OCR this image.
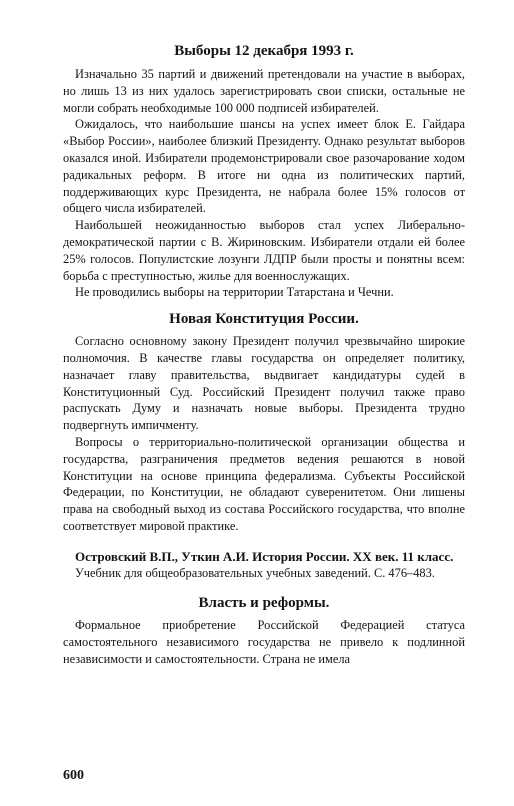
Выборы 12 декабря 1993 г.

Изначально 35 партий и движений претендовали на участие в выборах, но лишь 13 из них удалось зарегистрировать свои списки, остальные не могли собрать необходимые 100 000 подписей избирателей.

Ожидалось, что наибольшие шансы на успех имеет блок Е. Гайдара «Выбор России», наиболее близкий Президенту. Однако результат выборов оказался иной. Избиратели продемонстрировали свое разочарование ходом радикальных реформ. В итоге ни одна из политических партий, поддерживающих курс Президента, не набрала более 15% голосов от общего числа избирателей.

Наибольшей неожиданностью выборов стал успех Либерально-демократической партии с В. Жириновским. Избиратели отдали ей более 25% голосов. Популистские лозунги ЛДПР были просты и понятны всем: борьба с преступностью, жилье для военнослужащих.

Не проводились выборы на территории Татарстана и Чечни.

Новая Конституция России.

Согласно основному закону Президент получил чрезвычайно широкие полномочия. В качестве главы государства он определяет политику, назначает главу правительства, выдвигает кандидатуры судей в Конституционный Суд. Российский Президент получил также право распускать Думу и назначать новые выборы. Президента трудно подвергнуть импичменту.

Вопросы о территориально-политической организации общества и государства, разграничения предметов ведения решаются в новой Конституции на основе принципа федерализма. Субъекты Российской Федерации, по Конституции, не обладают суверенитетом. Они лишены права на свободный выход из состава Российского государства, что вполне соответствует мировой практике.

Островский В.П., Уткин А.И. История России. XX век. 11 класс.

Учебник для общеобразовательных учебных заведений. С. 476–483.

Власть и реформы.

Формальное приобретение Российской Федерацией статуса самостоятельного независимого государства не привело к подлинной независимости и самостоятельности. Страна не имела

600
